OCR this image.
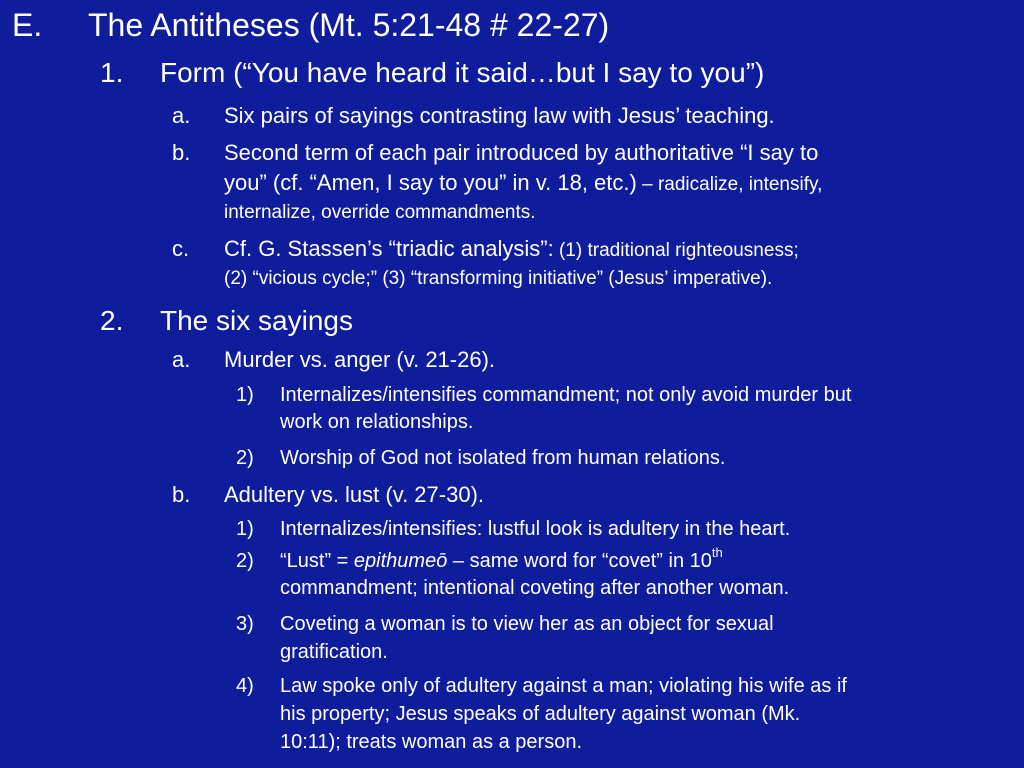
E. The Antitheses (Mt. 5:21-48 # 22-27)
1. Form (“You have heard it said…but I say to you”)
a. Six pairs of sayings contrasting law with Jesus’ teaching.
b. Second term of each pair introduced by authoritative “I say to
you” (cf. “Amen, I say to you” in v. 18, etc.) – radicalize, intensify,
internalize, override commandments.
c. Cf. G. Stassen’s “triadic analysis”: (1) traditional righteousness;
(2) “vicious cycle;” (3) “transforming initiative” (Jesus’ imperative).
2. The six sayings
a. Murder vs. anger (v. 21-26).
1) Internalizes/intensifies commandment; not only avoid murder but
work on relationships.
2) Worship of God not isolated from human relations.
b. Adultery vs. lust (v. 27-30).
1) Internalizes/intensifies: lustful look is adultery in the heart.
2) “Lust” = epithumeō – same word for “covet” in 10th
commandment; intentional coveting after another woman.
3) Coveting a woman is to view her as an object for sexual
gratification.
4) Law spoke only of adultery against a man; violating his wife as if
his property; Jesus speaks of adultery against woman (Mk.
10:11); treats woman as a person.
